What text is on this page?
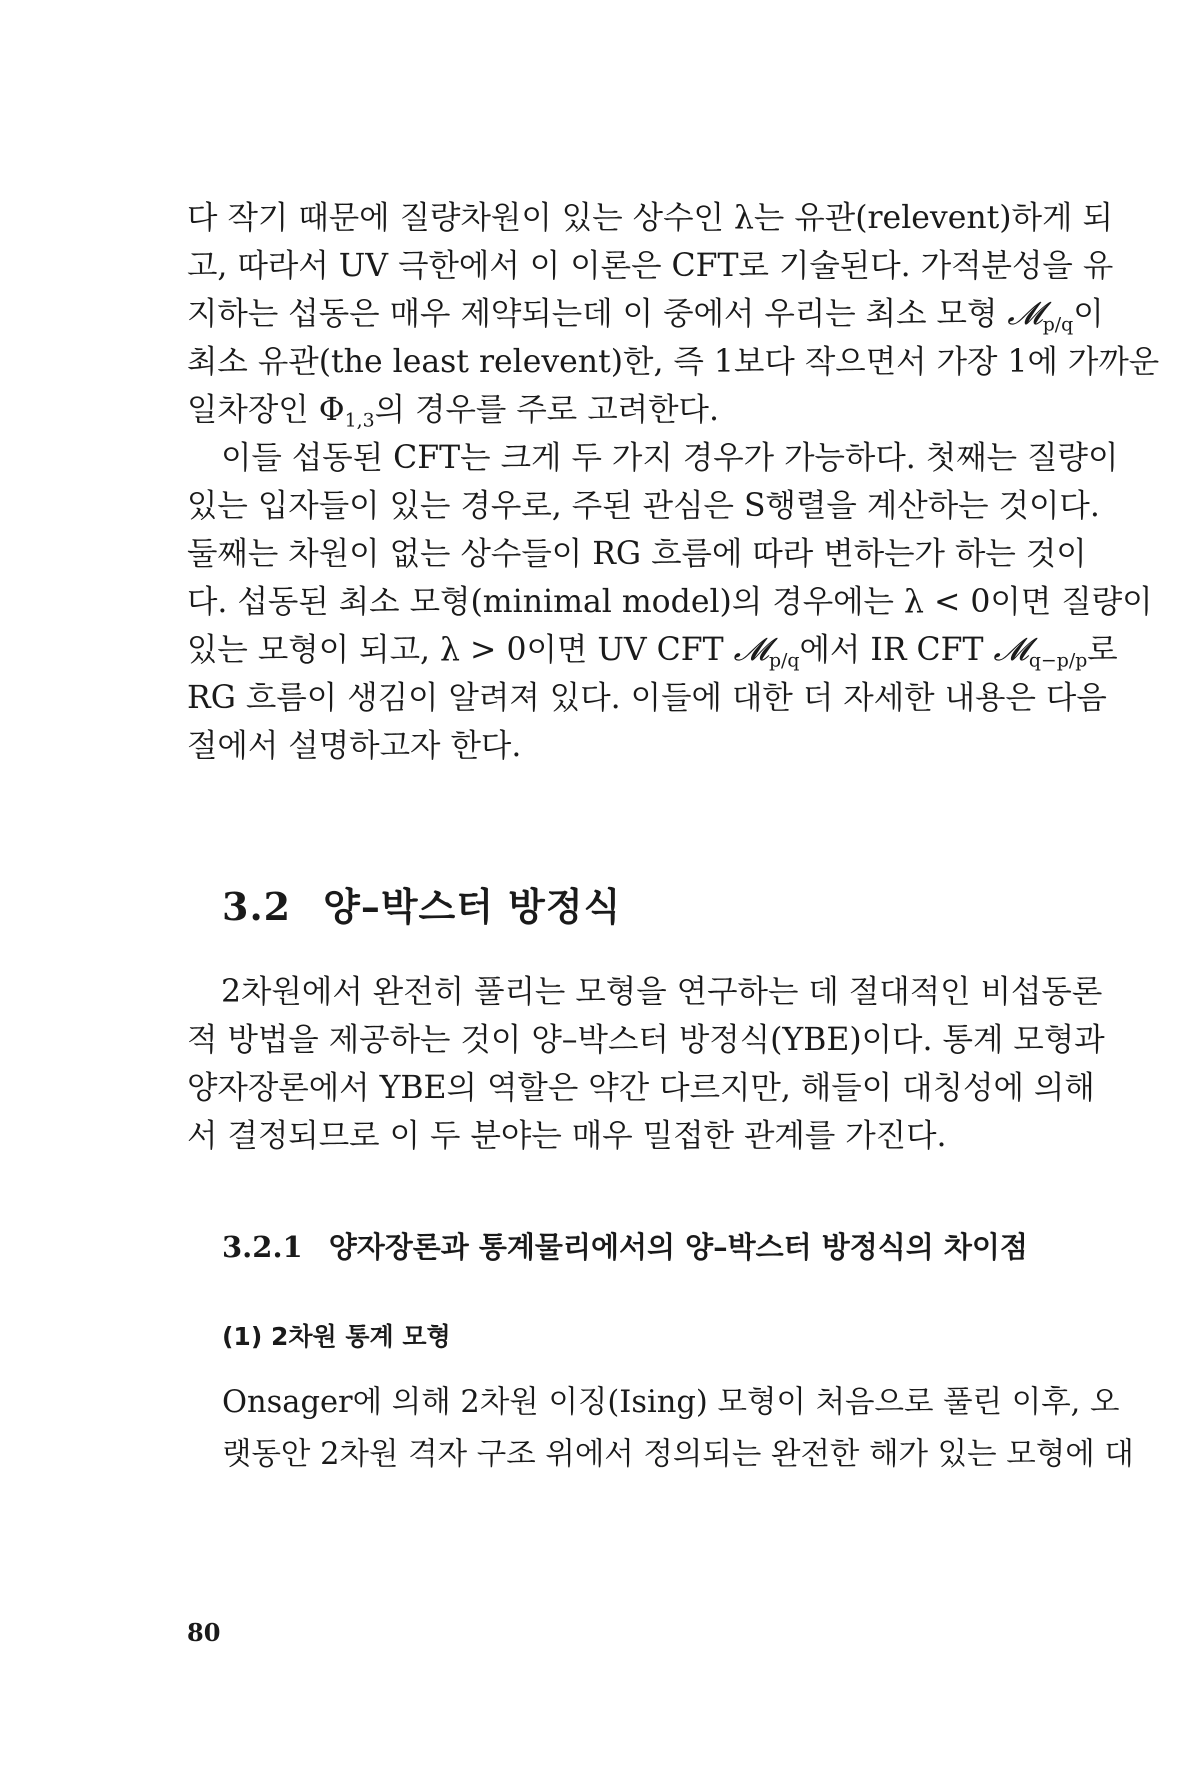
다 작기 때문에 질량차원이 있는 상수인 λ는 유관(relevent)하게 되
고, 따라서 UV 극한에서 이 이론은 CFT로 기술된다. 가적분성을 유
지하는 섭동은 매우 제약되는데 이 중에서 우리는 최소 모형 𝓜$_{p/q}$이
최소 유관(the least relevent)한, 즉 1보다 작으면서 가장 1에 가까운
일차장인 $\Phi_{1,3}$의 경우를 주로 고려한다.
이들 섭동된 CFT는 크게 두 가지 경우가 가능하다. 첫째는 질량이
있는 입자들이 있는 경우로, 주된 관심은 S행렬을 계산하는 것이다.
둘째는 차원이 없는 상수들이 RG 흐름에 따라 변하는가 하는 것이
다. 섭동된 최소 모형(minimal model)의 경우에는 λ < 0이면 질량이
있는 모형이 되고, λ > 0이면 UV CFT 𝓜$_{p/q}$에서 IR CFT 𝓜$_{q-p/p}$로
RG 흐름이 생김이 알려져 있다. 이들에 대한 더 자세한 내용은 다음
절에서 설명하고자 한다.
3.2 양–박스터 방정식
2차원에서 완전히 풀리는 모형을 연구하는 데 절대적인 비섭동론
적 방법을 제공하는 것이 양–박스터 방정식(YBE)이다. 통계 모형과
양자장론에서 YBE의 역할은 약간 다르지만, 해들이 대칭성에 의해
서 결정되므로 이 두 분야는 매우 밀접한 관계를 가진다.
3.2.1 양자장론과 통계물리에서의 양–박스터 방정식의 차이점
(1) 2차원 통계 모형
Onsager에 의해 2차원 이징(Ising) 모형이 처음으로 풀린 이후, 오
랫동안 2차원 격자 구조 위에서 정의되는 완전한 해가 있는 모형에 대
80
